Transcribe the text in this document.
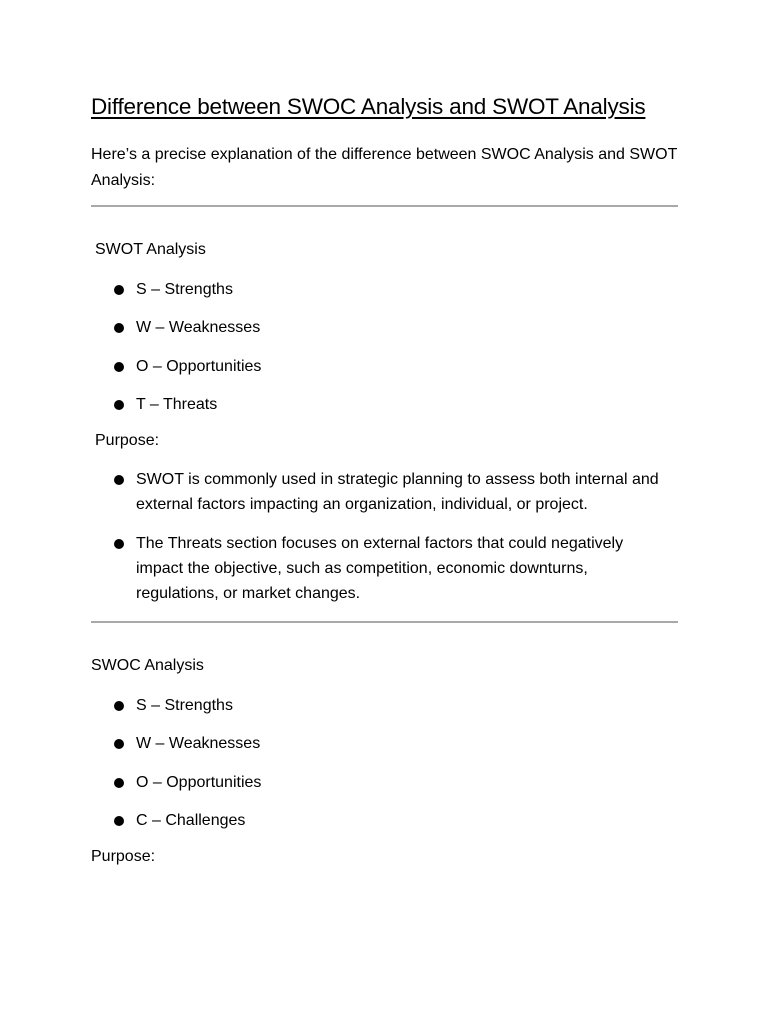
Difference between SWOC Analysis and SWOT Analysis
Here’s a precise explanation of the difference between SWOC Analysis and SWOT Analysis:
SWOT Analysis
S – Strengths
W – Weaknesses
O – Opportunities
T – Threats
Purpose:
SWOT is commonly used in strategic planning to assess both internal and external factors impacting an organization, individual, or project.
The Threats section focuses on external factors that could negatively impact the objective, such as competition, economic downturns, regulations, or market changes.
SWOC Analysis
S – Strengths
W – Weaknesses
O – Opportunities
C – Challenges
Purpose:
